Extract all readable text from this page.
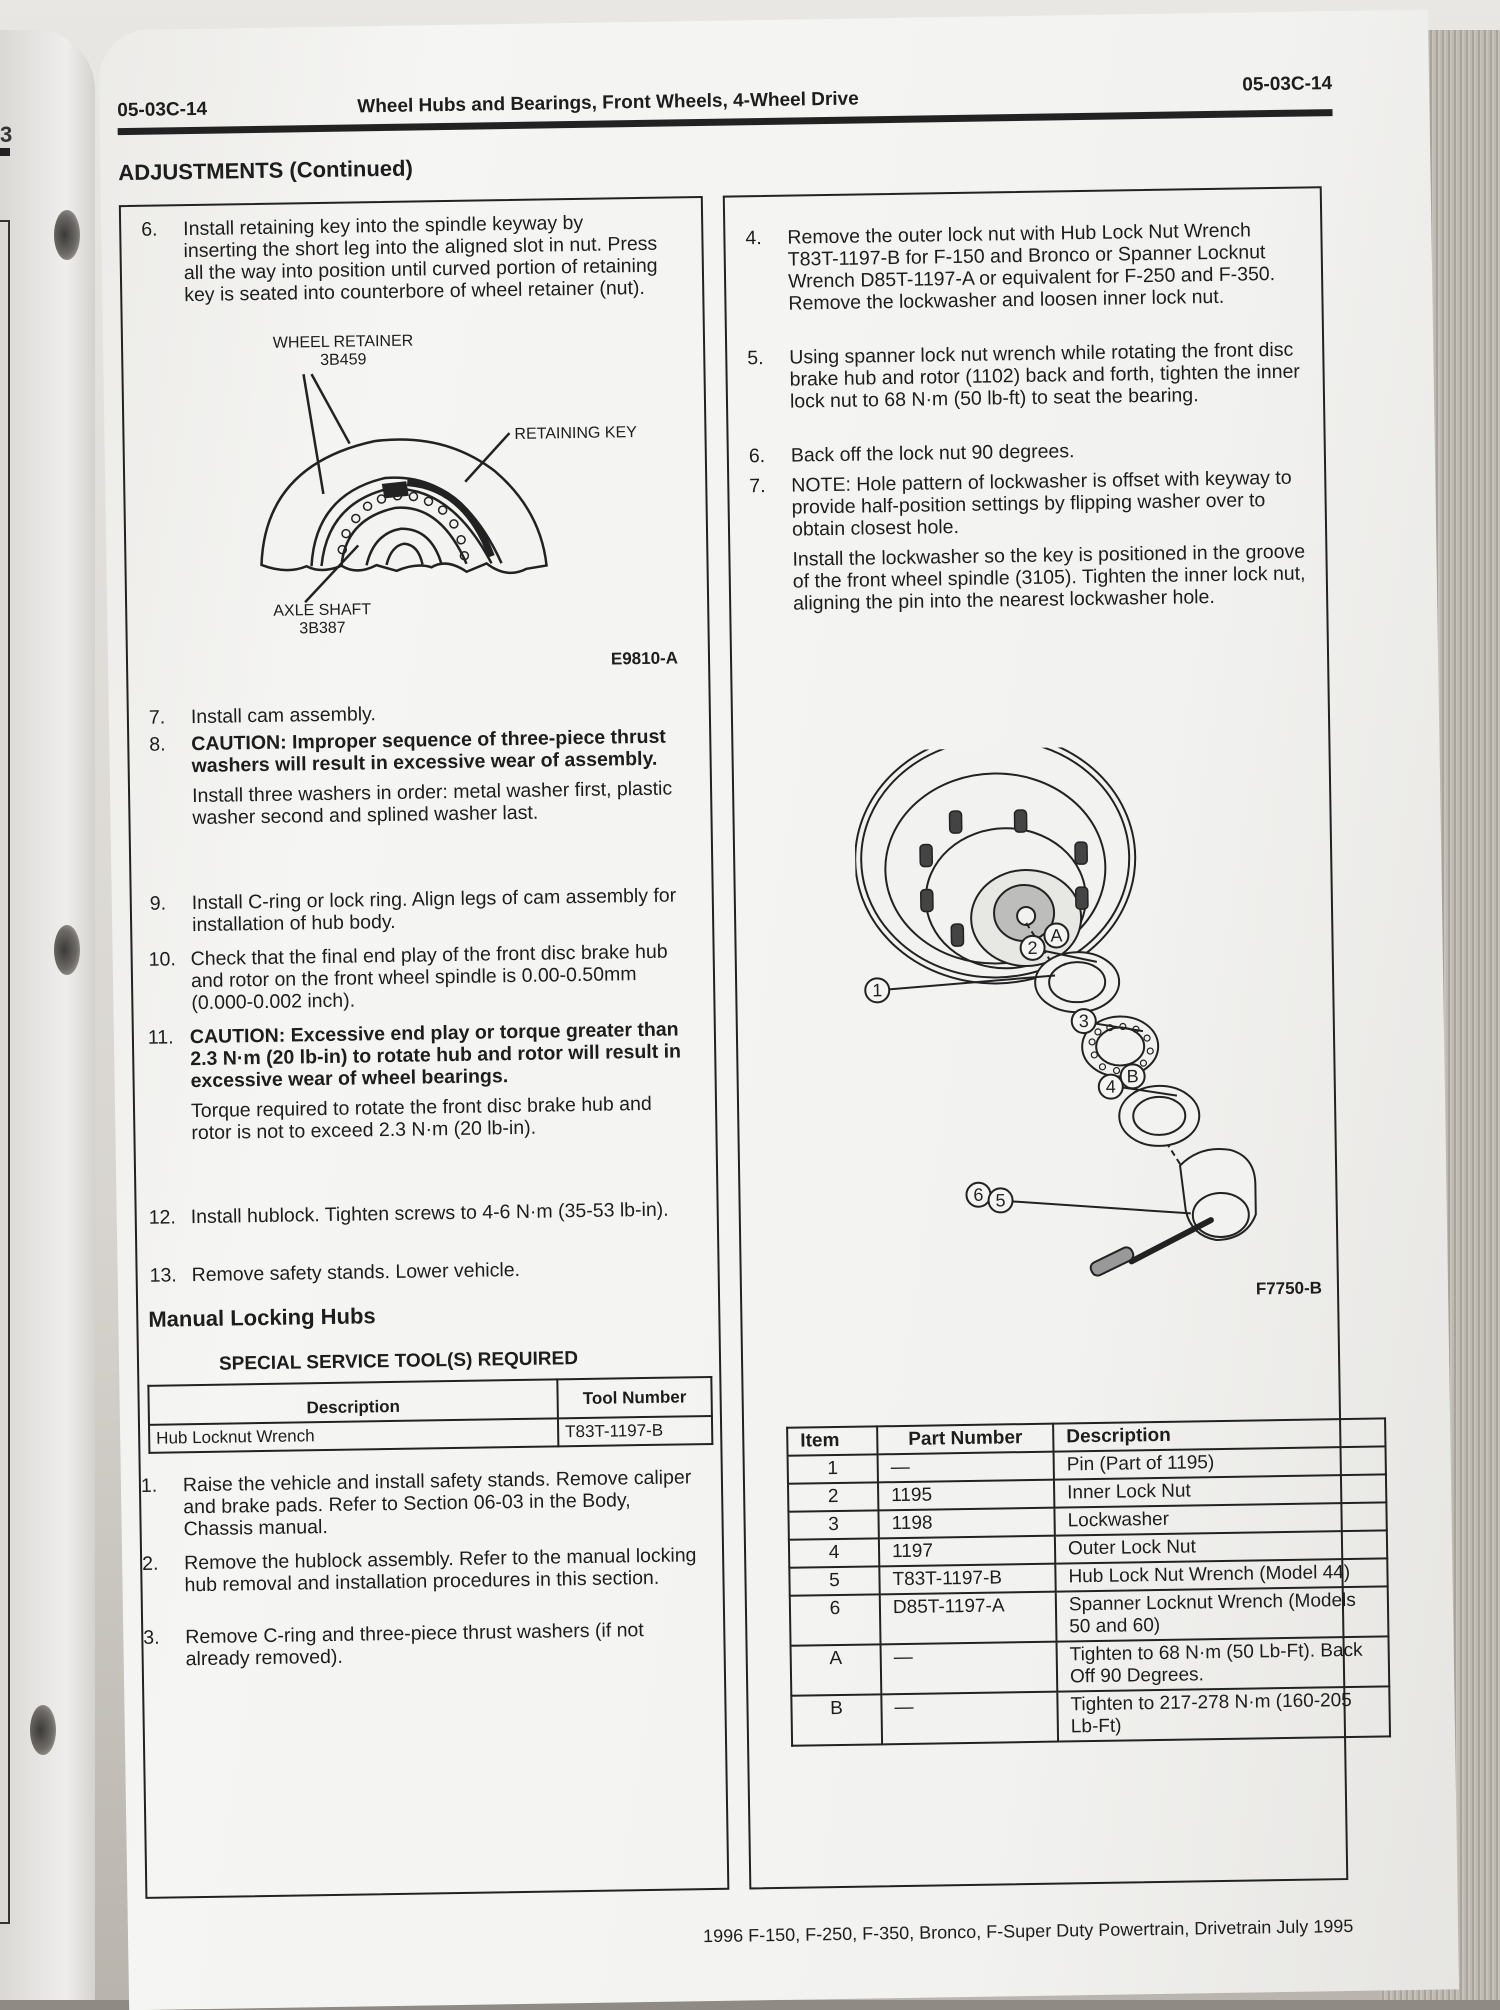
3
05-03C-14	Wheel Hubs and Bearings, Front Wheels, 4-Wheel Drive
05-03C-14
ADJUSTMENTS (Continued)
6.	Install retaining key into the spindle keyway by inserting the short leg into the aligned slot in nut. Press all the way into position until curved portion of retaining key is seated into counterbore of wheel retainer (nut).
WHEEL RETAINER
3B459
RETAINING KEY
AXLE SHAFT
3B387
E9810-A
7.	Install cam assembly.
8.	CAUTION: Improper sequence of three-piece thrust washers will result in excessive wear of assembly.
Install three washers in order: metal washer first, plastic washer second and splined washer last.
9.	Install C-ring or lock ring. Align legs of cam assembly for installation of hub body.
10. Check that the final end play of the front disc brake hub and rotor on the front wheel spindle is 0.00-0.50mm (0.000-0.002 inch).
11. CAUTION: Excessive end play or torque greater than 2.3 N·m (20 lb-in) to rotate hub and rotor will result in excessive wear of wheel bearings.
Torque required to rotate the front disc brake hub and rotor is not to exceed 2.3 N·m (20 lb-in).
12. Install hublock. Tighten screws to 4-6 N·m (35-53 lb-in).
13. Remove safety stands. Lower vehicle.
Manual Locking Hubs
SPECIAL SERVICE TOOL(S) REQUIRED
Description	Tool Number
Hub Locknut Wrench	T83T-1197-B
1.	Raise the vehicle and install safety stands. Remove caliper and brake pads. Refer to Section 06-03 in the Body, Chassis manual.
2.	Remove the hublock assembly. Refer to the manual locking hub removal and installation procedures in this section.
3.	Remove C-ring and three-piece thrust washers (if not already removed).
4.	Remove the outer lock nut with Hub Lock Nut Wrench T83T-1197-B for F-150 and Bronco or Spanner Locknut Wrench D85T-1197-A or equivalent for F-250 and F-350. Remove the lockwasher and loosen inner lock nut.
5.	Using spanner lock nut wrench while rotating the front disc brake hub and rotor (1102) back and forth, tighten the inner lock nut to 68 N·m (50 lb-ft) to seat the bearing.
6.	Back off the lock nut 90 degrees.
7.	NOTE: Hole pattern of lockwasher is offset with keyway to provide half-position settings by flipping washer over to obtain closest hole.
Install the lockwasher so the key is positioned in the groove of the front wheel spindle (3105). Tighten the inner lock nut, aligning the pin into the nearest lockwasher hole.
1
2
3
4
6 5
A
B
F7750-B
Item	Part Number	Description
1	—	Pin (Part of 1195)
2	1195	Inner Lock Nut
3	1198	Lockwasher
4	1197	Outer Lock Nut
5	T83T-1197-B	Hub Lock Nut Wrench (Model 44)
6	D85T-1197-A	Spanner Locknut Wrench (Models 50 and 60)
A	—	Tighten to 68 N·m (50 Lb-Ft). Back Off 90 Degrees.
B	—	Tighten to 217-278 N·m (160-205 Lb-Ft)
1996 F-150, F-250, F-350, Bronco, F-Super Duty Powertrain, Drivetrain July 1995
